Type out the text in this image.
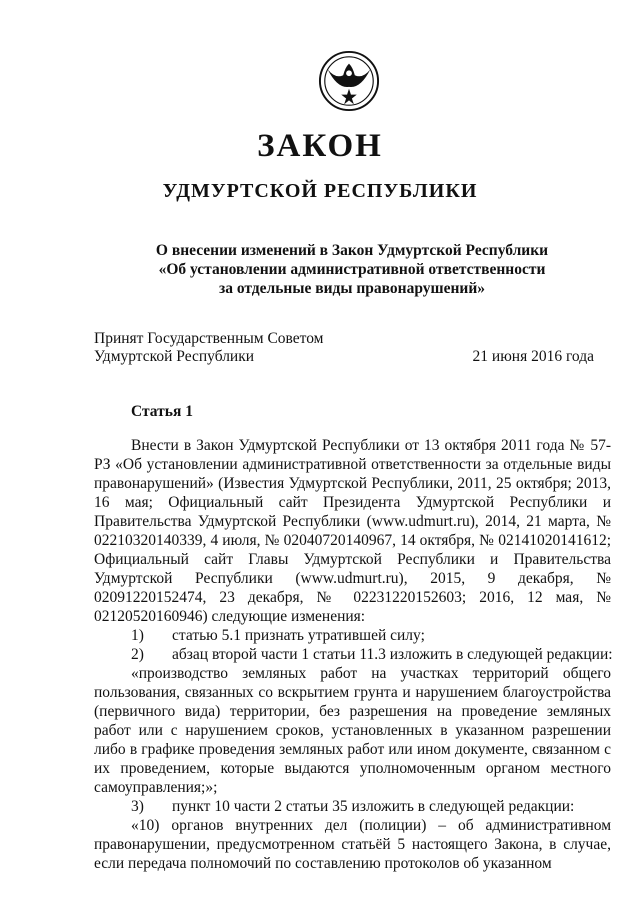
ЗАКОН
УДМУРТСКОЙ РЕСПУБЛИКИ
О внесении изменений в Закон Удмуртской Республики
«Об установлении административной ответственности
за отдельные виды правонарушений»
Принят Государственным Советом
Удмуртской Республики	21 июня 2016 года
Статья 1
Внести в Закон Удмуртской Республики от 13 октября 2011 года № 57-РЗ «Об установлении административной ответственности за отдельные виды правонарушений» (Известия Удмуртской Республики, 2011, 25 октября; 2013, 16 мая; Официальный сайт Президента Удмуртской Республики и Правительства Удмуртской Республики (www.udmurt.ru), 2014, 21 марта, № 02210320140339, 4 июля, № 02040720140967, 14 октября, № 02141020141612; Официальный сайт Главы Удмуртской Республики и Правительства Удмуртской Республики (www.udmurt.ru), 2015, 9 декабря, № 02091220152474, 23 декабря, № 02231220152603; 2016, 12 мая, № 02120520160946) следующие изменения:
1) статью 5.1 признать утратившей силу;
2) абзац второй части 1 статьи 11.3 изложить в следующей редакции:
«производство земляных работ на участках территорий общего пользования, связанных со вскрытием грунта и нарушением благоустройства (первичного вида) территории, без разрешения на проведение земляных работ или с нарушением сроков, установленных в указанном разрешении либо в графике проведения земляных работ или ином документе, связанном с их проведением, которые выдаются уполномоченным органом местного самоуправления;»;
3) пункт 10 части 2 статьи 35 изложить в следующей редакции:
«10) органов внутренних дел (полиции) – об административном правонарушении, предусмотренном статьёй 5 настоящего Закона, в случае, если передача полномочий по составлению протоколов об указанном
